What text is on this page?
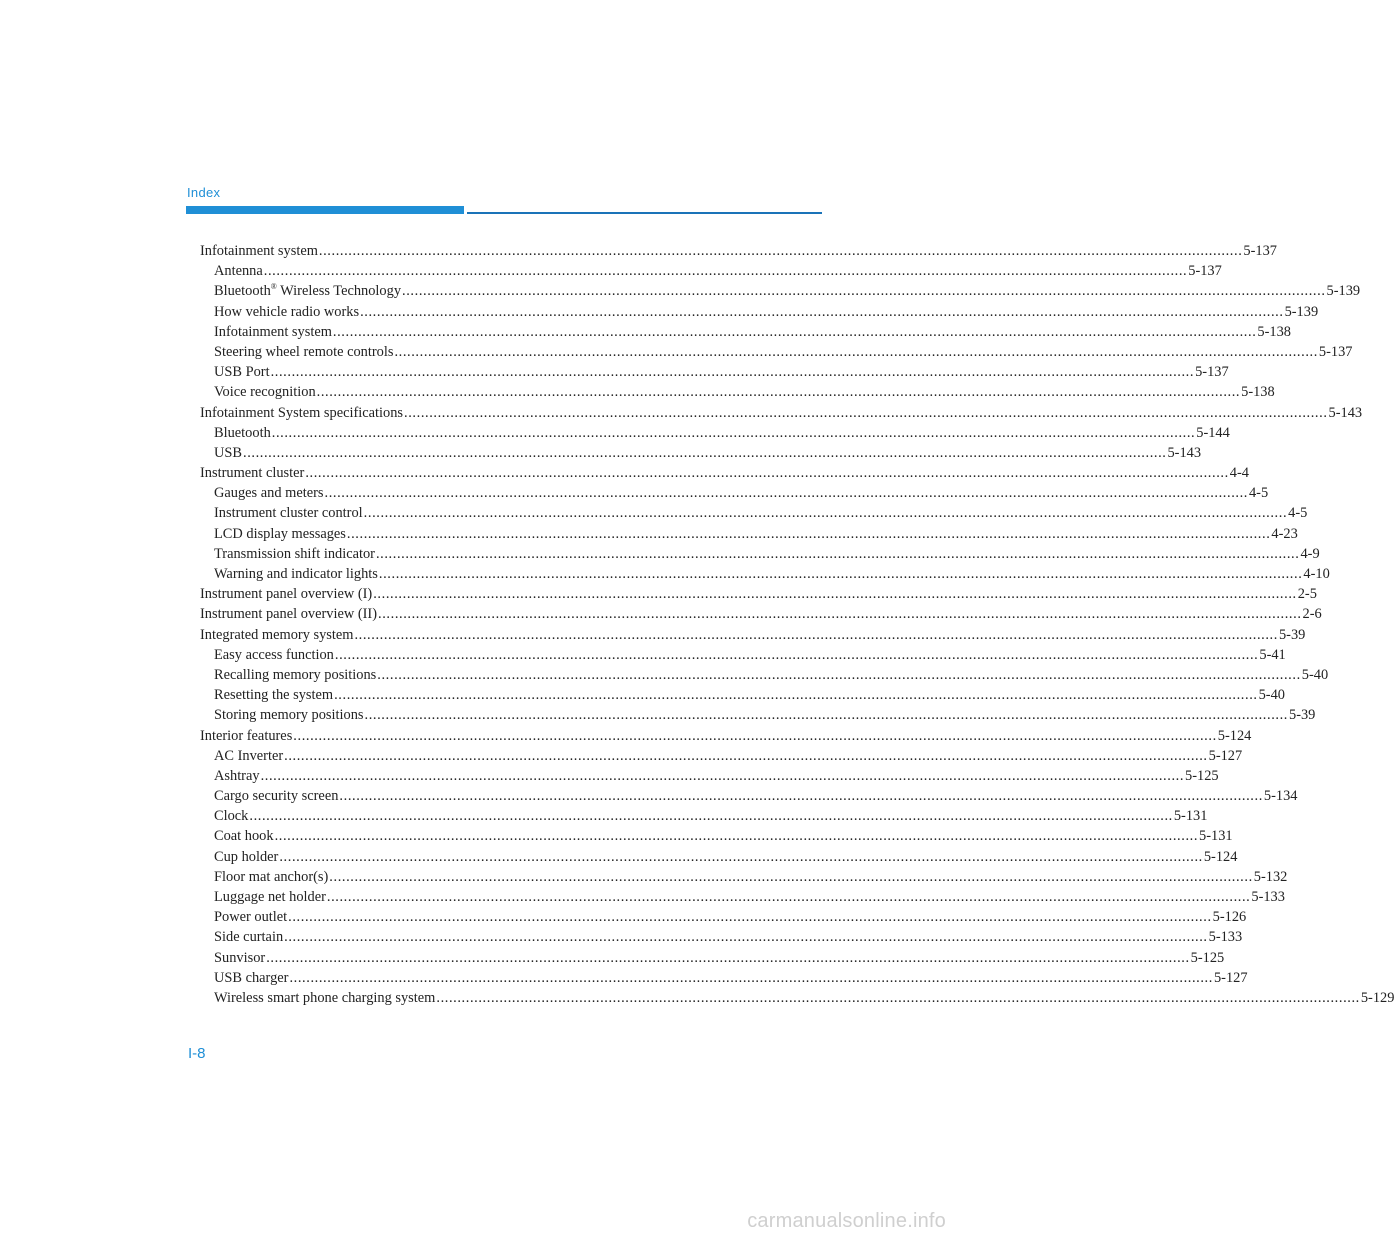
Index
Infotainment system ............................................................................................................................................................................................................................ 5-137
Antenna ............................................................................................................................................................................................................................ 5-137
Bluetooth® Wireless Technology ............................................................................................................................................................................................................................ 5-139
How vehicle radio works ............................................................................................................................................................................................................................ 5-139
Infotainment system ............................................................................................................................................................................................................................ 5-138
Steering wheel remote controls ............................................................................................................................................................................................................................ 5-137
USB Port ............................................................................................................................................................................................................................ 5-137
Voice recognition ............................................................................................................................................................................................................................ 5-138
Infotainment System specifications ............................................................................................................................................................................................................................ 5-143
Bluetooth ............................................................................................................................................................................................................................ 5-144
USB ............................................................................................................................................................................................................................ 5-143
Instrument cluster ............................................................................................................................................................................................................................ 4-4
Gauges and meters ............................................................................................................................................................................................................................ 4-5
Instrument cluster control ............................................................................................................................................................................................................................ 4-5
LCD display messages ............................................................................................................................................................................................................................ 4-23
Transmission shift indicator ............................................................................................................................................................................................................................ 4-9
Warning and indicator lights ............................................................................................................................................................................................................................ 4-10
Instrument panel overview (I) ............................................................................................................................................................................................................................ 2-5
Instrument panel overview (II) ............................................................................................................................................................................................................................ 2-6
Integrated memory system ............................................................................................................................................................................................................................ 5-39
Easy access function ............................................................................................................................................................................................................................ 5-41
Recalling memory positions ............................................................................................................................................................................................................................ 5-40
Resetting the system ............................................................................................................................................................................................................................ 5-40
Storing memory positions ............................................................................................................................................................................................................................ 5-39
Interior features ............................................................................................................................................................................................................................ 5-124
AC Inverter ............................................................................................................................................................................................................................ 5-127
Ashtray ............................................................................................................................................................................................................................ 5-125
Cargo security screen ............................................................................................................................................................................................................................ 5-134
Clock ............................................................................................................................................................................................................................ 5-131
Coat hook ............................................................................................................................................................................................................................ 5-131
Cup holder ............................................................................................................................................................................................................................ 5-124
Floor mat anchor(s) ............................................................................................................................................................................................................................ 5-132
Luggage net holder ............................................................................................................................................................................................................................ 5-133
Power outlet ............................................................................................................................................................................................................................ 5-126
Side curtain ............................................................................................................................................................................................................................ 5-133
Sunvisor ............................................................................................................................................................................................................................ 5-125
USB charger ............................................................................................................................................................................................................................ 5-127
Wireless smart phone charging system ............................................................................................................................................................................................................................ 5-129
I-8
carmanualsonline.info
